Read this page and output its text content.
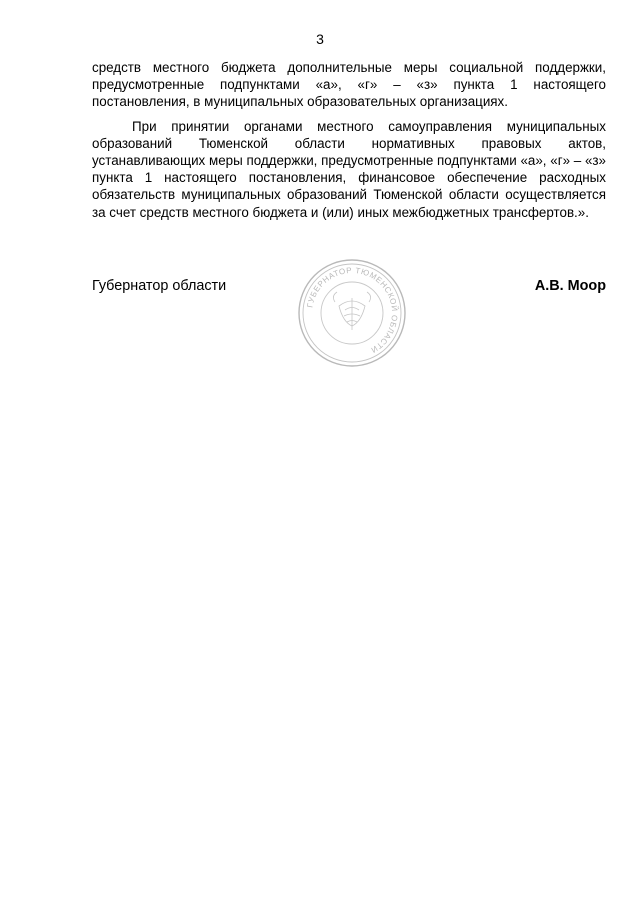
3

средств местного бюджета дополнительные меры социальной поддержки, предусмотренные подпунктами «а», «г» – «з» пункта 1 настоящего постановления, в муниципальных образовательных организациях.

При принятии органами местного самоуправления муниципальных образований Тюменской области нормативных правовых актов, устанавливающих меры поддержки, предусмотренные подпунктами «а», «г» – «з» пункта 1 настоящего постановления, финансовое обеспечение расходных обязательств муниципальных образований Тюменской области осуществляется за счет средств местного бюджета и (или) иных межбюджетных трансфертов.».

Губернатор области
ГУБЕРНАТОР ТЮМЕНСКОЙ ОБЛАСТИ
А.В. Моор
